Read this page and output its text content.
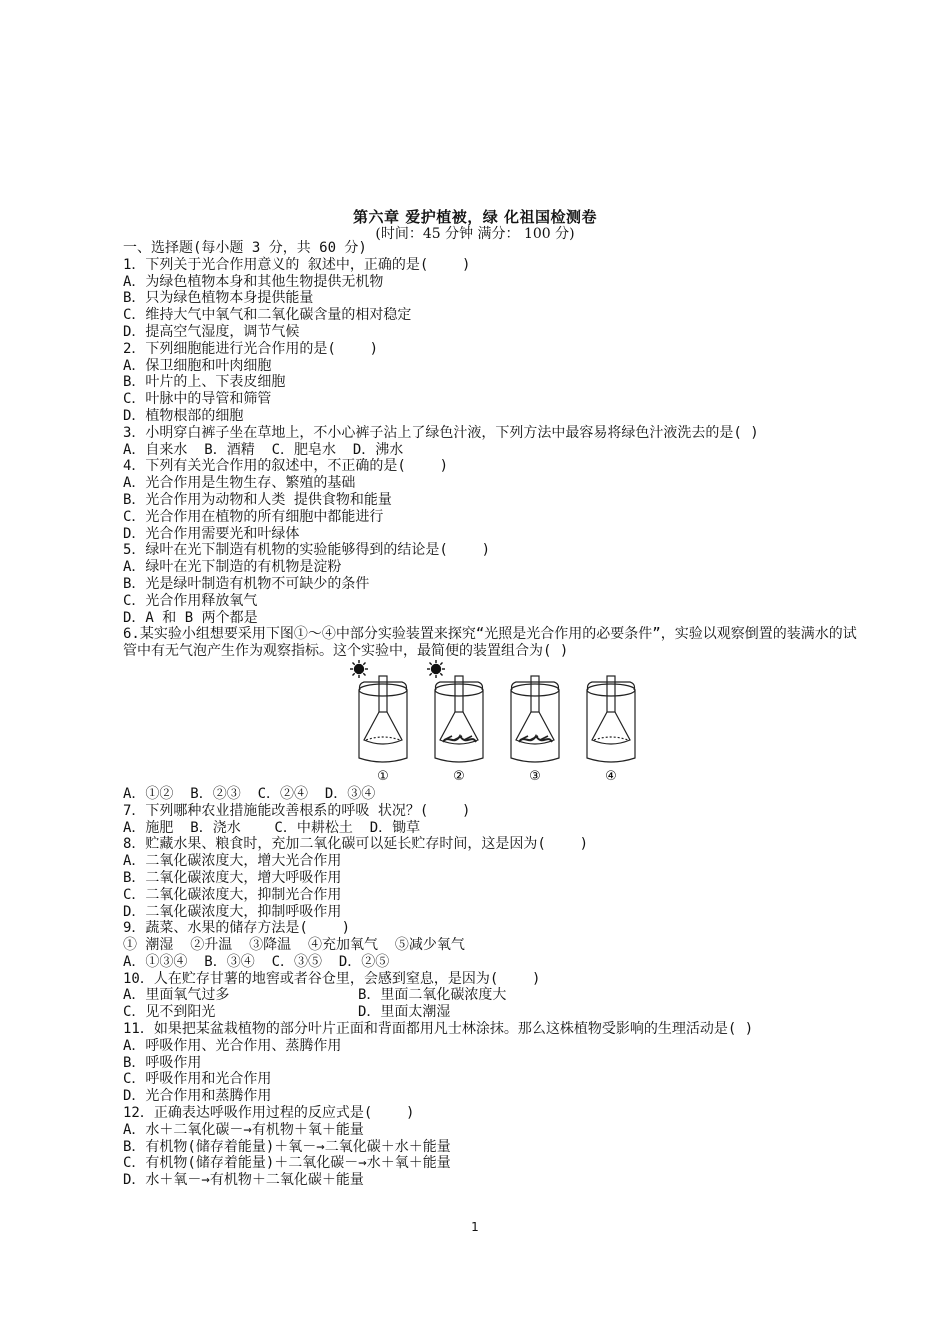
第六章 爱护植被，绿 化祖国检测卷
(时间：45 分钟 满分： 100 分)
一、选择题(每小题 3 分，共 60 分)
1．下列关于光合作用意义的 叙述中，正确的是(    )
A．为绿色植物本身和其他生物提供无机物
B．只为绿色植物本身提供能量
C．维持大气中氧气和二氧化碳含量的相对稳定
D．提高空气湿度，调节气候
2．下列细胞能进行光合作用的是(    )
A．保卫细胞和叶肉细胞
B．叶片的上、下表皮细胞
C．叶脉中的导管和筛管
D．植物根部的细胞
3．小明穿白裤子坐在草地上，不小心裤子沾上了绿色汁液，下列方法中最容易将绿色汁液洗去的是( )
A．自来水  B．酒精  C．肥皂水  D．沸水
4．下列有关光合作用的叙述中，不正确的是(    )
A．光合作用是生物生存、繁殖的基础
B．光合作用为动物和人类 提供食物和能量
C．光合作用在植物的所有细胞中都能进行
D．光合作用需要光和叶绿体
5．绿叶在光下制造有机物的实验能够得到的结论是(    )
A．绿叶在光下制造的有机物是淀粉
B．光是绿叶制造有机物不可缺少的条件
C．光合作用释放氧气
D．A 和 B 两个都是
6.某实验小组想要采用下图①～④中部分实验装置来探究“光照是光合作用的必要条件”，实验以观察倒置的装满水的试管中有无气泡产生作为观察指标。这个实验中，最简便的装置组合为( )
①	②	③	④
A．①②  B．②③  C．②④  D．③④
7．下列哪种农业措施能改善根系的呼吸 状况？(    )
A．施肥  B．浇水    C．中耕松土  D．锄草
8．贮藏水果、粮食时，充加二氧化碳可以延长贮存时间，这是因为(    )
A．二氧化碳浓度大，增大光合作用
B．二氧化碳浓度大，增大呼吸作用
C．二氧化碳浓度大，抑制光合作用
D．二氧化碳浓度大，抑制呼吸作用
9．蔬菜、水果的储存方法是(    )
① 潮湿  ②升温  ③降温  ④充加氧气  ⑤减少氧气
A．①③④  B．③④  C．③⑤  D．②⑤
10．人在贮存甘薯的地窖或者谷仓里，会感到窒息，是因为(    )
A．里面氧气过多	B．里面二氧化碳浓度大
C．见不到阳光	D．里面太潮湿
11．如果把某盆栽植物的部分叶片正面和背面都用凡士林涂抹。那么这株植物受影响的生理活动是( )
A．呼吸作用、光合作用、蒸腾作用
B．呼吸作用
C．呼吸作用和光合作用
D．光合作用和蒸腾作用
12．正确表达呼吸作用过程的反应式是(    )
A．水＋二氧化碳－→有机物＋氧＋能量
B．有机物(储存着能量)＋氧－→二氧化碳＋水＋能量
C．有机物(储存着能量)＋二氧化碳－→水＋氧＋能量
D．水＋氧－→有机物＋二氧化碳＋能量
1
